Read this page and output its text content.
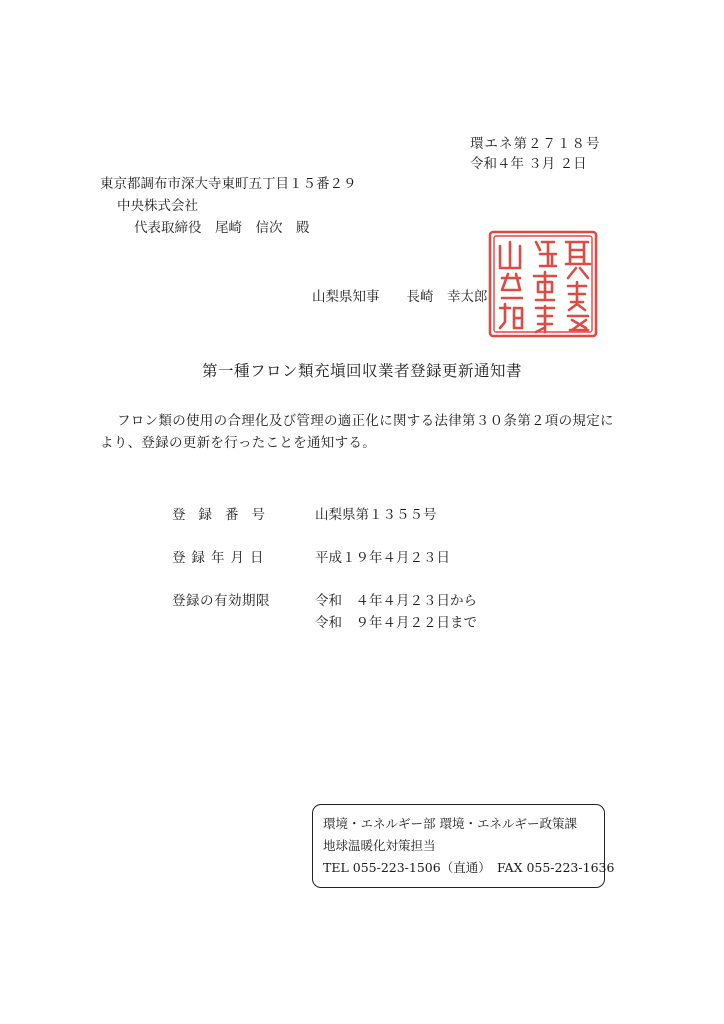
環エネ第２７１８号
令和４年 ３月 ２日
東京都調布市深大寺東町五丁目１５番２９
中央株式会社
代表取締役　尾崎　信次　殿
山梨県知事　　長崎　幸太郎
第一種フロン類充塡回収業者登録更新通知書
フロン類の使用の合理化及び管理の適正化に関する法律第３０条第２項の規定により、登録の更新を行ったことを通知する。
登録番号	山梨県第１３５５号
登録年月日	平成１９年４月２３日
登録の有効期限	令和　４年４月２３日から
令和　９年４月２２日まで
環境・エネルギー部 環境・エネルギー政策課
地球温暖化対策担当
TEL 055-223-1506（直通）　FAX 055-223-1636
